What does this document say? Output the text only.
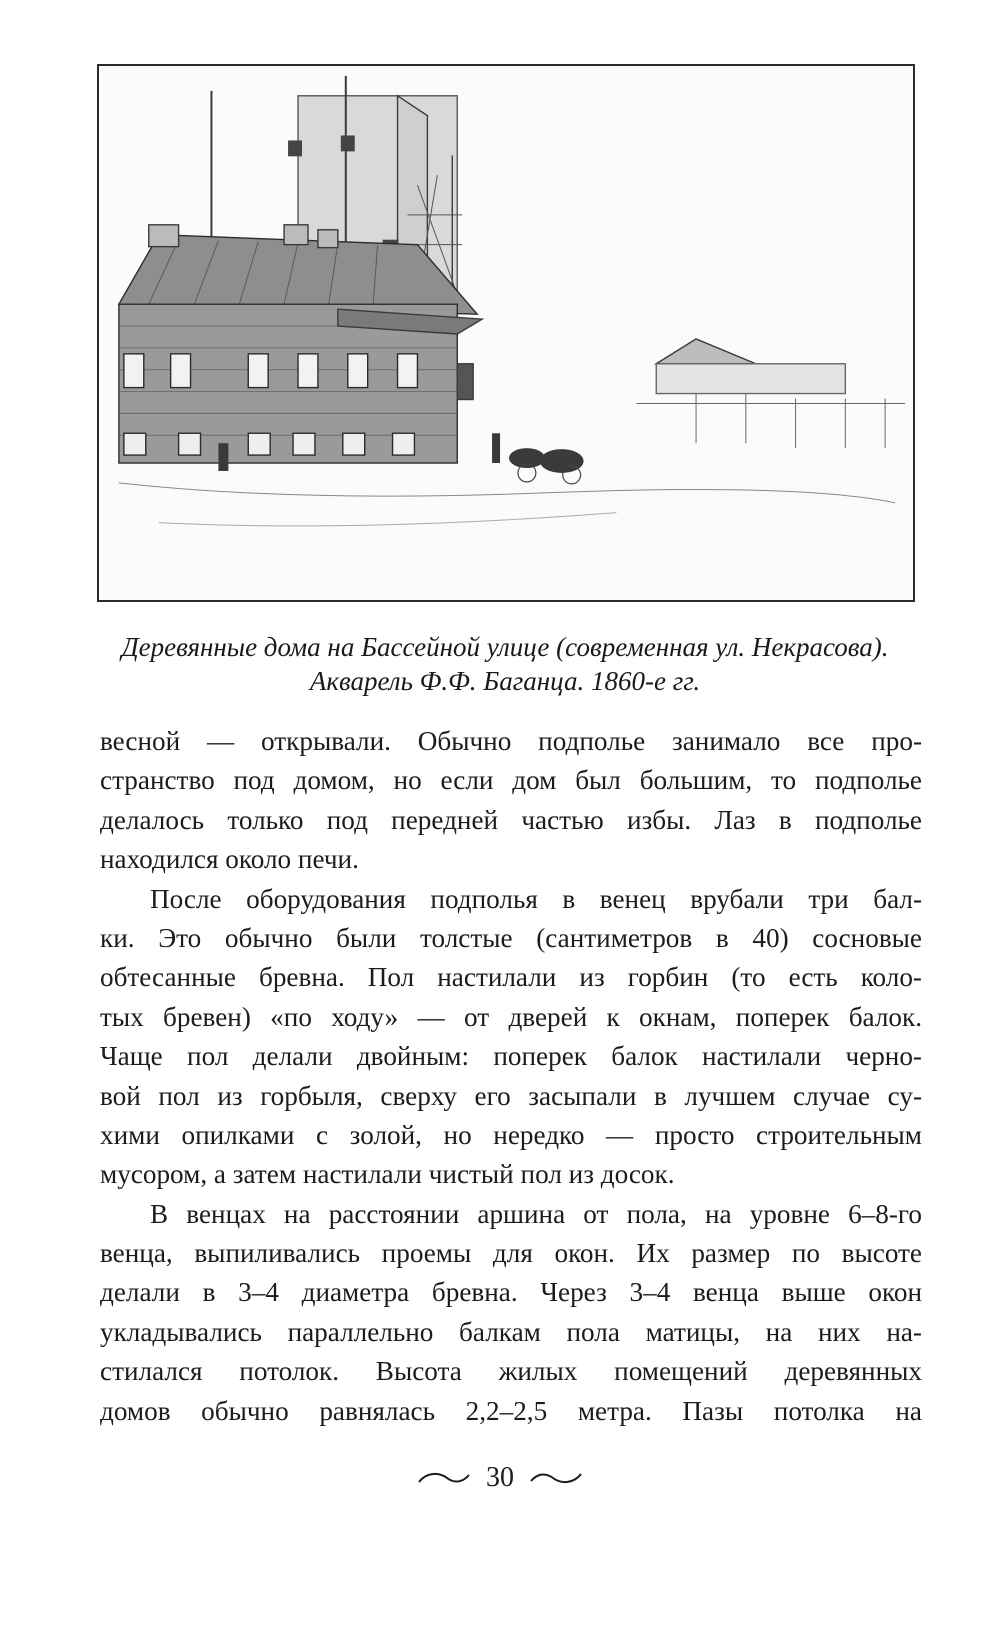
Деревянные дома на Бассейной улице (современная ул. Некрасова).
Акварель Ф.Ф. Баганца. 1860-е гг.
весной — открывали. Обычно подполье занимало все про-
странство под домом, но если дом был большим, то подполье
делалось только под передней частью избы. Лаз в подполье
находился около печи.
После оборудования подполья в венец врубали три бал-
ки. Это обычно были толстые (сантиметров в 40) сосновые
обтесанные бревна. Пол настилали из горбин (то есть коло-
тых бревен) «по ходу» — от дверей к окнам, поперек балок.
Чаще пол делали двойным: поперек балок настилали черно-
вой пол из горбыля, сверху его засыпали в лучшем случае су-
хими опилками с золой, но нередко — просто строительным
мусором, а затем настилали чистый пол из досок.
В венцах на расстоянии аршина от пола, на уровне 6–8-го
венца, выпиливались проемы для окон. Их размер по высоте
делали в 3–4 диаметра бревна. Через 3–4 венца выше окон
укладывались параллельно балкам пола матицы, на них на-
стилался потолок. Высота жилых помещений деревянных
домов обычно равнялась 2,2–2,5 метра. Пазы потолка на
30
